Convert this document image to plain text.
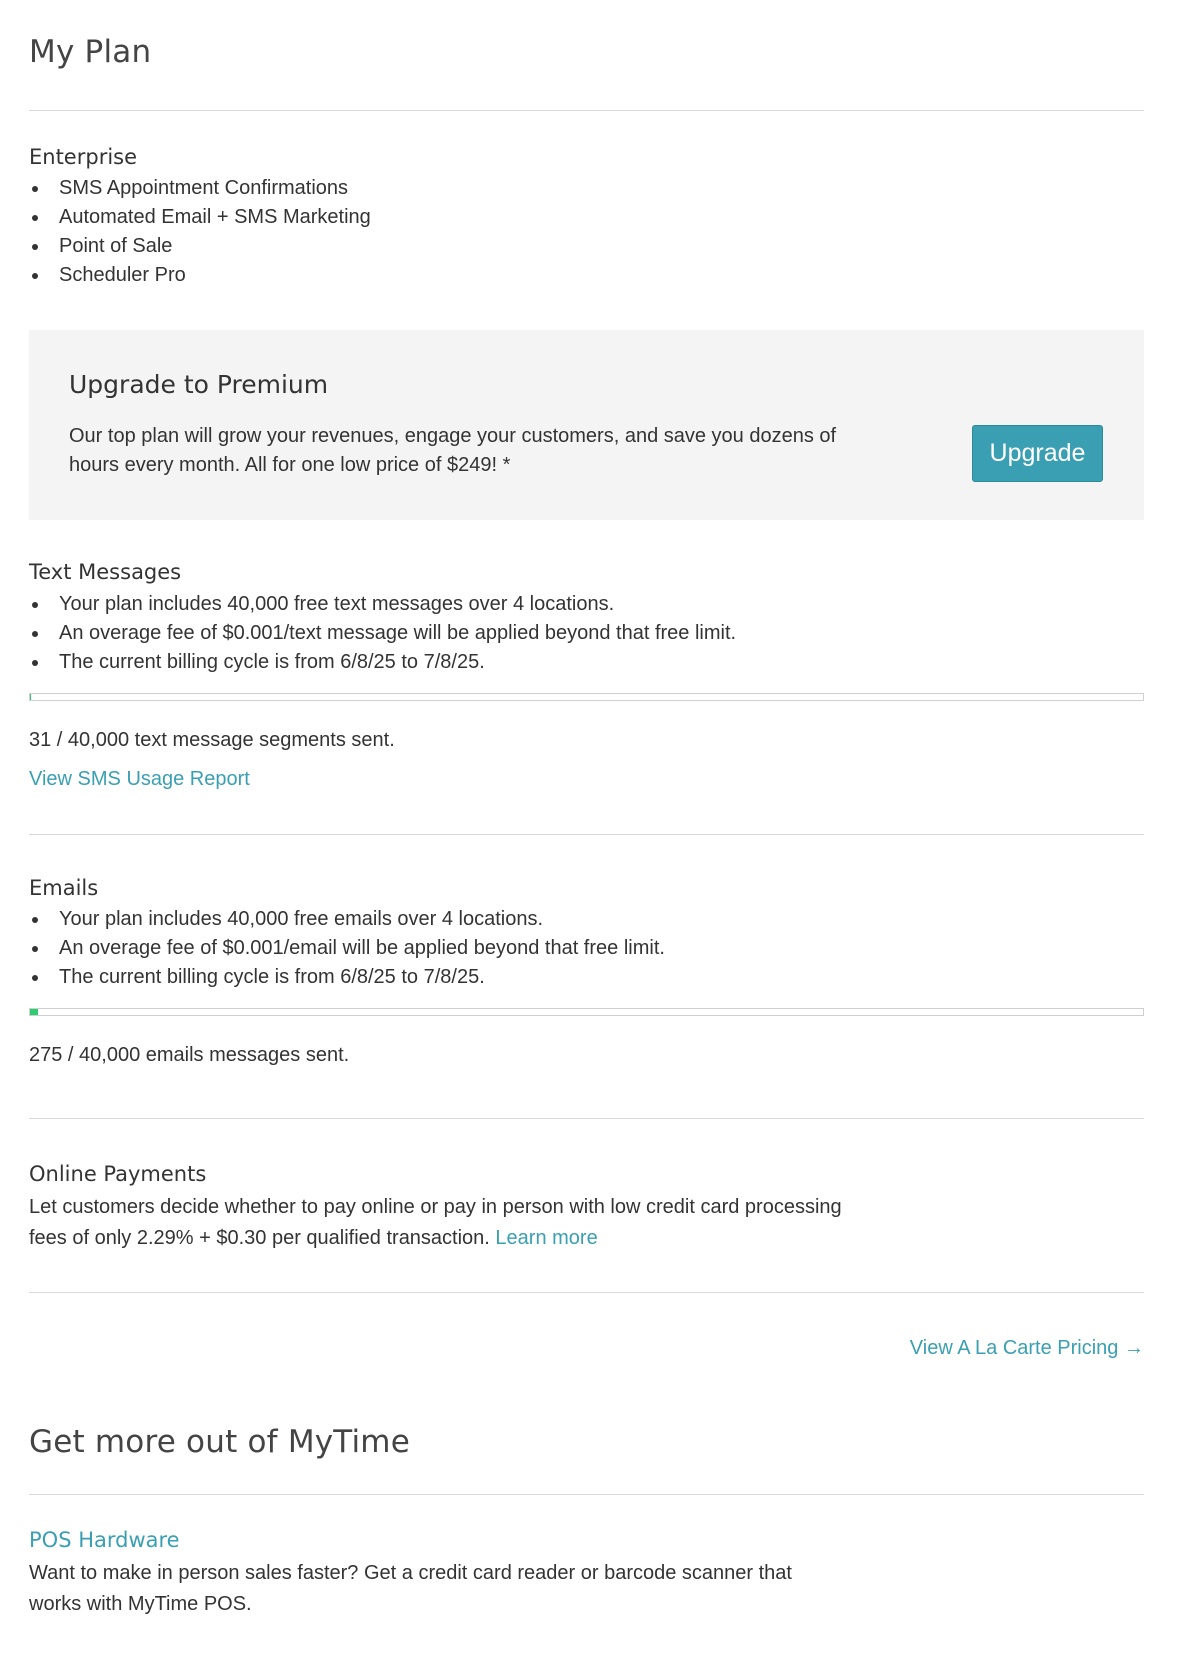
My Plan
Enterprise
SMS Appointment Confirmations
Automated Email + SMS Marketing
Point of Sale
Scheduler Pro
Upgrade to Premium
Our top plan will grow your revenues, engage your customers, and save you dozens of hours every month. All for one low price of $249! *	Upgrade
Text Messages
Your plan includes 40,000 free text messages over 4 locations.
An overage fee of $0.001/text message will be applied beyond that free limit.
The current billing cycle is from 6/8/25 to 7/8/25.
31 / 40,000 text message segments sent.
View SMS Usage Report
Emails
Your plan includes 40,000 free emails over 4 locations.
An overage fee of $0.001/email will be applied beyond that free limit.
The current billing cycle is from 6/8/25 to 7/8/25.
275 / 40,000 emails messages sent.
Online Payments
Let customers decide whether to pay online or pay in person with low credit card processing fees of only 2.29% + $0.30 per qualified transaction. Learn more
View A La Carte Pricing →
Get more out of MyTime
POS Hardware
Want to make in person sales faster? Get a credit card reader or barcode scanner that works with MyTime POS.
